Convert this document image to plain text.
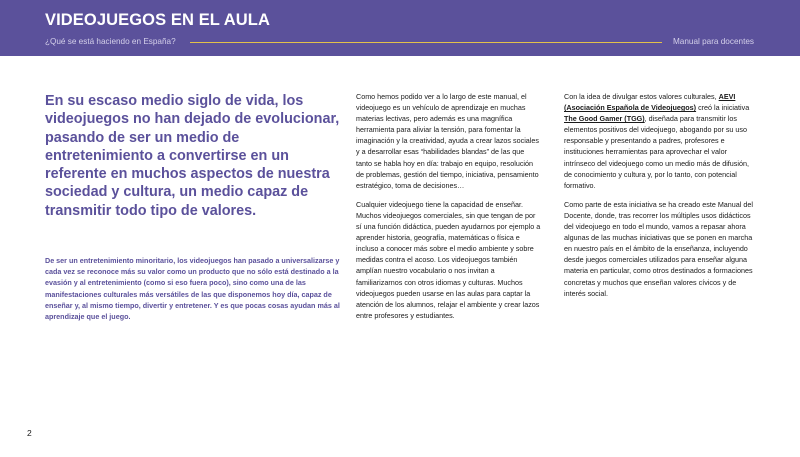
VIDEOJUEGOS EN EL AULA
¿Qué se está haciendo en España?	Manual para docentes

En su escaso medio siglo de vida, los videojuegos no han dejado de evolucionar, pasando de ser un medio de entretenimiento a convertirse en un referente en muchos aspectos de nuestra sociedad y cultura, un medio capaz de transmitir todo tipo de valores.

De ser un entretenimiento minoritario, los videojuegos han pasado a universalizarse y cada vez se reconoce más su valor como un producto que no sólo está destinado a la evasión y al entretenimiento (como si eso fuera poco), sino como una de las manifestaciones culturales más versátiles de las que disponemos hoy día, capaz de enseñar y, al mismo tiempo, divertir y entretener. Y es que pocas cosas ayudan más al aprendizaje que el juego.

Como hemos podido ver a lo largo de este manual, el videojuego es un vehículo de aprendizaje en muchas materias lectivas, pero además es una magnífica herramienta para aliviar la tensión, para fomentar la imaginación y la creatividad, ayuda a crear lazos sociales y a desarrollar esas “habilidades blandas” de las que tanto se habla hoy en día: trabajo en equipo, resolución de problemas, gestión del tiempo, iniciativa, pensamiento estratégico, toma de decisiones…

Cualquier videojuego tiene la capacidad de enseñar. Muchos videojuegos comerciales, sin que tengan de por sí una función didáctica, pueden ayudarnos por ejemplo a aprender historia, geografía, matemáticas o física e incluso a conocer más sobre el medio ambiente y sobre medidas contra el acoso. Los videojuegos también amplían nuestro vocabulario o nos invitan a familiarizarnos con otros idiomas y culturas. Muchos videojuegos pueden usarse en las aulas para captar la atención de los alumnos, relajar el ambiente y crear lazos entre profesores y estudiantes.

Con la idea de divulgar estos valores culturales, AEVI (Asociación Española de Videojuegos) creó la iniciativa The Good Gamer (TGG), diseñada para transmitir los elementos positivos del videojuego, abogando por su uso responsable y presentando a padres, profesores e instituciones herramientas para aprovechar el valor intrínseco del videojuego como un medio más de difusión, de conocimiento y cultura y, por lo tanto, con potencial formativo.

Como parte de esta iniciativa se ha creado este Manual del Docente, donde, tras recorrer los múltiples usos didácticos del videojuego en todo el mundo, vamos a repasar ahora algunas de las muchas iniciativas que se ponen en marcha en nuestro país en el ámbito de la enseñanza, incluyendo desde juegos comerciales utilizados para enseñar alguna materia en particular, como otros destinados a formaciones concretas y muchos que enseñan valores cívicos y de interés social.

2
